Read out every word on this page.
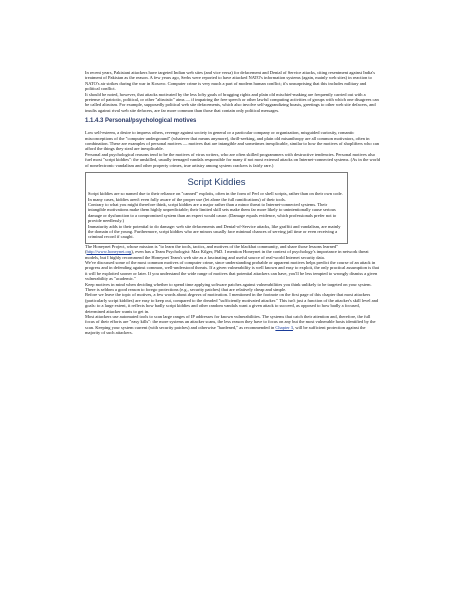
In recent years, Pakistani attackers have targeted Indian web sites (and vice versa) for defacement and Denial of Service attacks, citing resentment against India's treatment of Pakistan as the reason. A few years ago, Serbs were reported to have attacked NATO's information systems (again, mainly web sites) in reaction to NATO's air strikes during the war in Kosovo. Computer crime is very much a part of modern human conflict; it's unsurprising that this includes military and political conflict.

It should be noted, however, that attacks motivated by the less lofty goals of bragging rights and plain old mischief-making are frequently carried out with a pretense of patriotic, political, or other "altruistic" aims — if impairing the free speech or other lawful computing activities of groups with which one disagrees can be called altruism. For example, supposedly political web site defacements, which also involve self-aggrandizing boasts, greetings to other web site defacers, and insults against rival web site defacers, are far more common than those that contain only political messages.

1.1.4.3 Personal/psychological motives

Low self-esteem, a desire to impress others, revenge against society in general or a particular company or organization, misguided curiosity, romantic misconceptions of the "computer underground" (whatever that means anymore), thrill-seeking, and plain old misanthropy are all common motivators, often in combination. These are examples of personal motives — motives that are intangible and sometimes inexplicable, similar to how the motives of shoplifters who can afford the things they steal are inexplicable.

Personal and psychological reasons tend to be the motives of virus writers, who are often skilled programmers with destructive tendencies. Personal motives also fuel most "script kiddies": the unskilled, usually teenaged vandals responsible for many if not most external attacks on Internet-connected systems. (As in the world of nonelectronic vandalism and other property crimes, true artistry among system crackers is fairly rare.)

Script Kiddies

Script kiddies are so named due to their reliance on "canned" exploits, often in the form of Perl or shell scripts, rather than on their own code. In many cases, kiddies aren't even fully aware of the proper use (let alone the full ramifications) of their tools.

Contrary to what you might therefore think, script kiddies are a major rather than a minor threat to Internet-connected systems. Their intangible motivations make them highly unpredictable; their limited skill sets make them far more likely to unintentionally cause serious damage or dysfunction to a compromised system than an expert would cause. (Damage equals evidence, which professionals prefer not to provide needlessly.)

Immaturity adds to their potential to do damage: web site defacements and Denial-of-Service attacks, like graffiti and vandalism, are mainly the domain of the young. Furthermore, script kiddies who are minors usually face minimal chances of serving jail time or even receiving a criminal record if caught.

The Honeynet Project, whose mission is "to learn the tools, tactics, and motives of the blackhat community, and share those lessons learned" (http://www.honeynet.org), even has a Team Psychologist: Max Kilger, PhD. I mention Honeynet in the context of psychology's importance in network threat models, but I highly recommend the Honeynet Team's web site as a fascinating and useful source of real-world Internet security data.

We've discussed some of the most common motives of computer crime, since understanding probable or apparent motives helps predict the course of an attack in progress and in defending against common, well-understood threats. If a given vulnerability is well known and easy to exploit, the only practical assumption is that it will be exploited sooner or later. If you understand the wide range of motives that potential attackers can have, you'll be less tempted to wrongly dismiss a given vulnerability as "academic."

Keep motives in mind when deciding whether to spend time applying software patches against vulnerabilities you think unlikely to be targeted on your system. There is seldom a good reason to forego protections (e.g., security patches) that are relatively cheap and simple.

Before we leave the topic of motives, a few words about degrees of motivation. I mentioned in the footnote on the first page of this chapter that most attackers (particularly script kiddies) are easy to keep out, compared to the dreaded "sufficiently motivated attacker." This isn't just a function of the attacker's skill level and goals: to a large extent, it reflects how badly script kiddies and other random vandals want a given attack to succeed, as opposed to how badly a focused, determined attacker wants to get in.

Most attackers use automated tools to scan large ranges of IP addresses for known vulnerabilities. The systems that catch their attention and, therefore, the full focus of their efforts are "easy kills": the more systems an attacker scans, the less reason they have to focus on any but the most vulnerable hosts identified by the scan. Keeping your system current (with security patches) and otherwise "hardened," as recommended in Chapter 3, will be sufficient protection against the majority of such attackers.
